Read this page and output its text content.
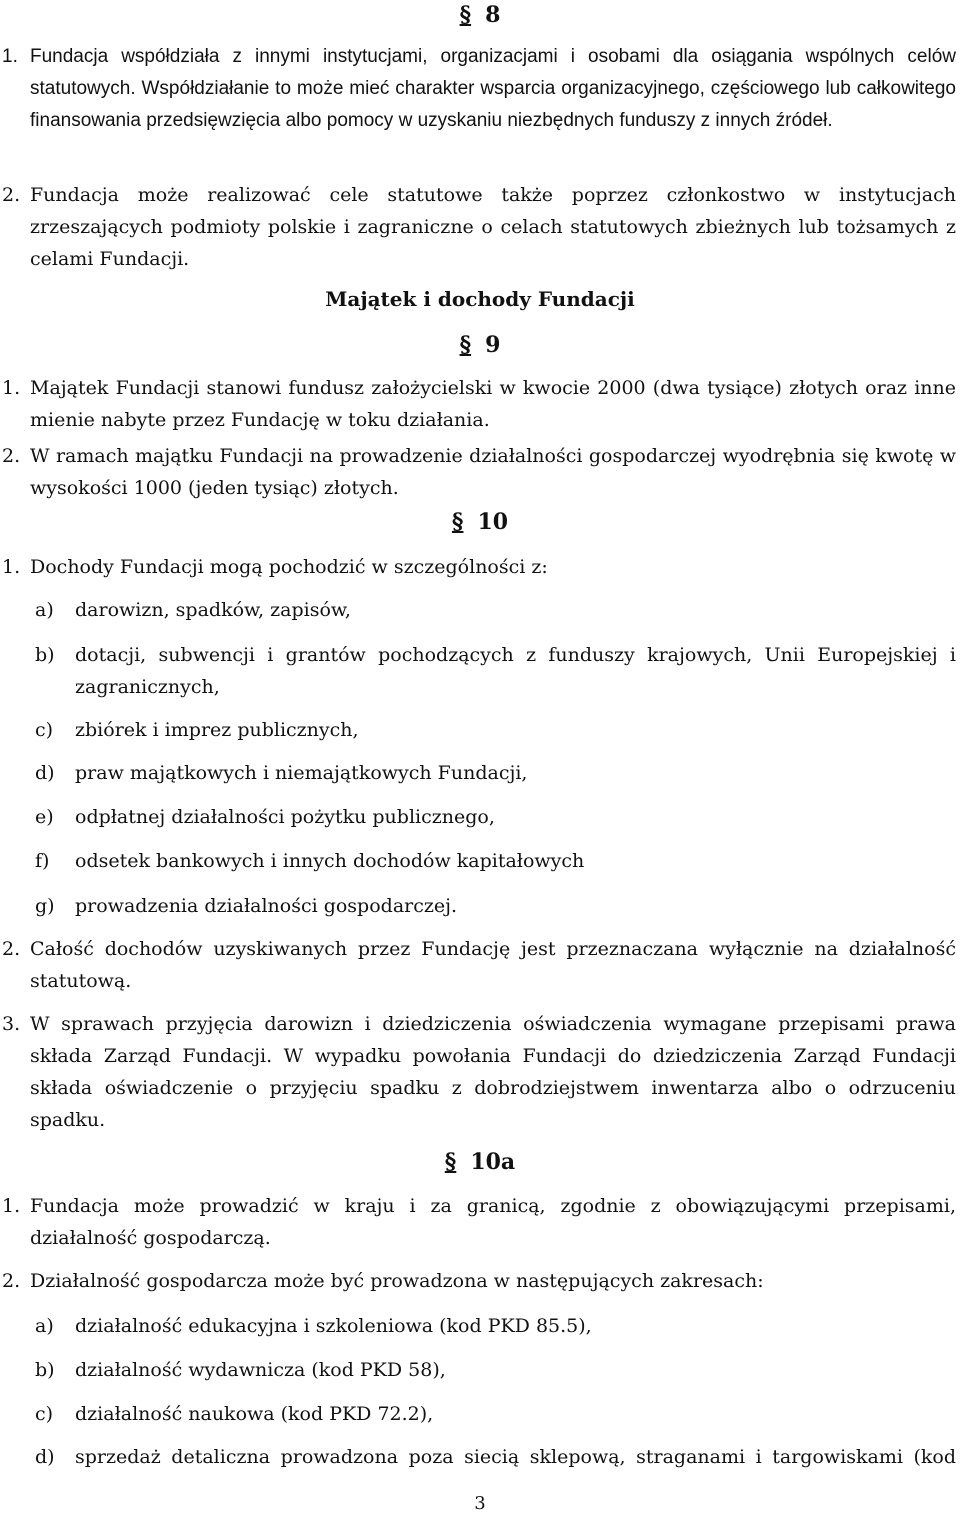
§ 8
1. Fundacja współdziała z innymi instytucjami, organizacjami i osobami dla osiągania wspólnych celów statutowych. Współdziałanie to może mieć charakter wsparcia organizacyjnego, częściowego lub całkowitego finansowania przedsięwzięcia albo pomocy w uzyskaniu niezbędnych funduszy z innych źródeł.
2. Fundacja może realizować cele statutowe także poprzez członkostwo w instytucjach zrzeszających podmioty polskie i zagraniczne o celach statutowych zbieżnych lub tożsamych z celami Fundacji.
Majątek i dochody Fundacji
§ 9
1. Majątek Fundacji stanowi fundusz założycielski w kwocie 2000 (dwa tysiące) złotych oraz inne mienie nabyte przez Fundację w toku działania.
2. W ramach majątku Fundacji na prowadzenie działalności gospodarczej wyodrębnia się kwotę w wysokości 1000 (jeden tysiąc) złotych.
§ 10
1. Dochody Fundacji mogą pochodzić w szczególności z:
a) darowizn, spadków, zapisów,
b) dotacji, subwencji i grantów pochodzących z funduszy krajowych, Unii Europejskiej i zagranicznych,
c) zbiórek i imprez publicznych,
d) praw majątkowych i niemajątkowych Fundacji,
e) odpłatnej działalności pożytku publicznego,
f) odsetek bankowych i innych dochodów kapitałowych
g) prowadzenia działalności gospodarczej.
2. Całość dochodów uzyskiwanych przez Fundację jest przeznaczana wyłącznie na działalność statutową.
3. W sprawach przyjęcia darowizn i dziedziczenia oświadczenia wymagane przepisami prawa składa Zarząd Fundacji. W wypadku powołania Fundacji do dziedziczenia Zarząd Fundacji składa oświadczenie o przyjęciu spadku z dobrodziejstwem inwentarza albo o odrzuceniu spadku.
§ 10a
1. Fundacja może prowadzić w kraju i za granicą, zgodnie z obowiązującymi przepisami, działalność gospodarczą.
2. Działalność gospodarcza może być prowadzona w następujących zakresach:
a) działalność edukacyjna i szkoleniowa (kod PKD 85.5),
b) działalność wydawnicza (kod PKD 58),
c) działalność naukowa (kod PKD 72.2),
d) sprzedaż detaliczna prowadzona poza siecią sklepową, straganami i targowiskami (kod
3
